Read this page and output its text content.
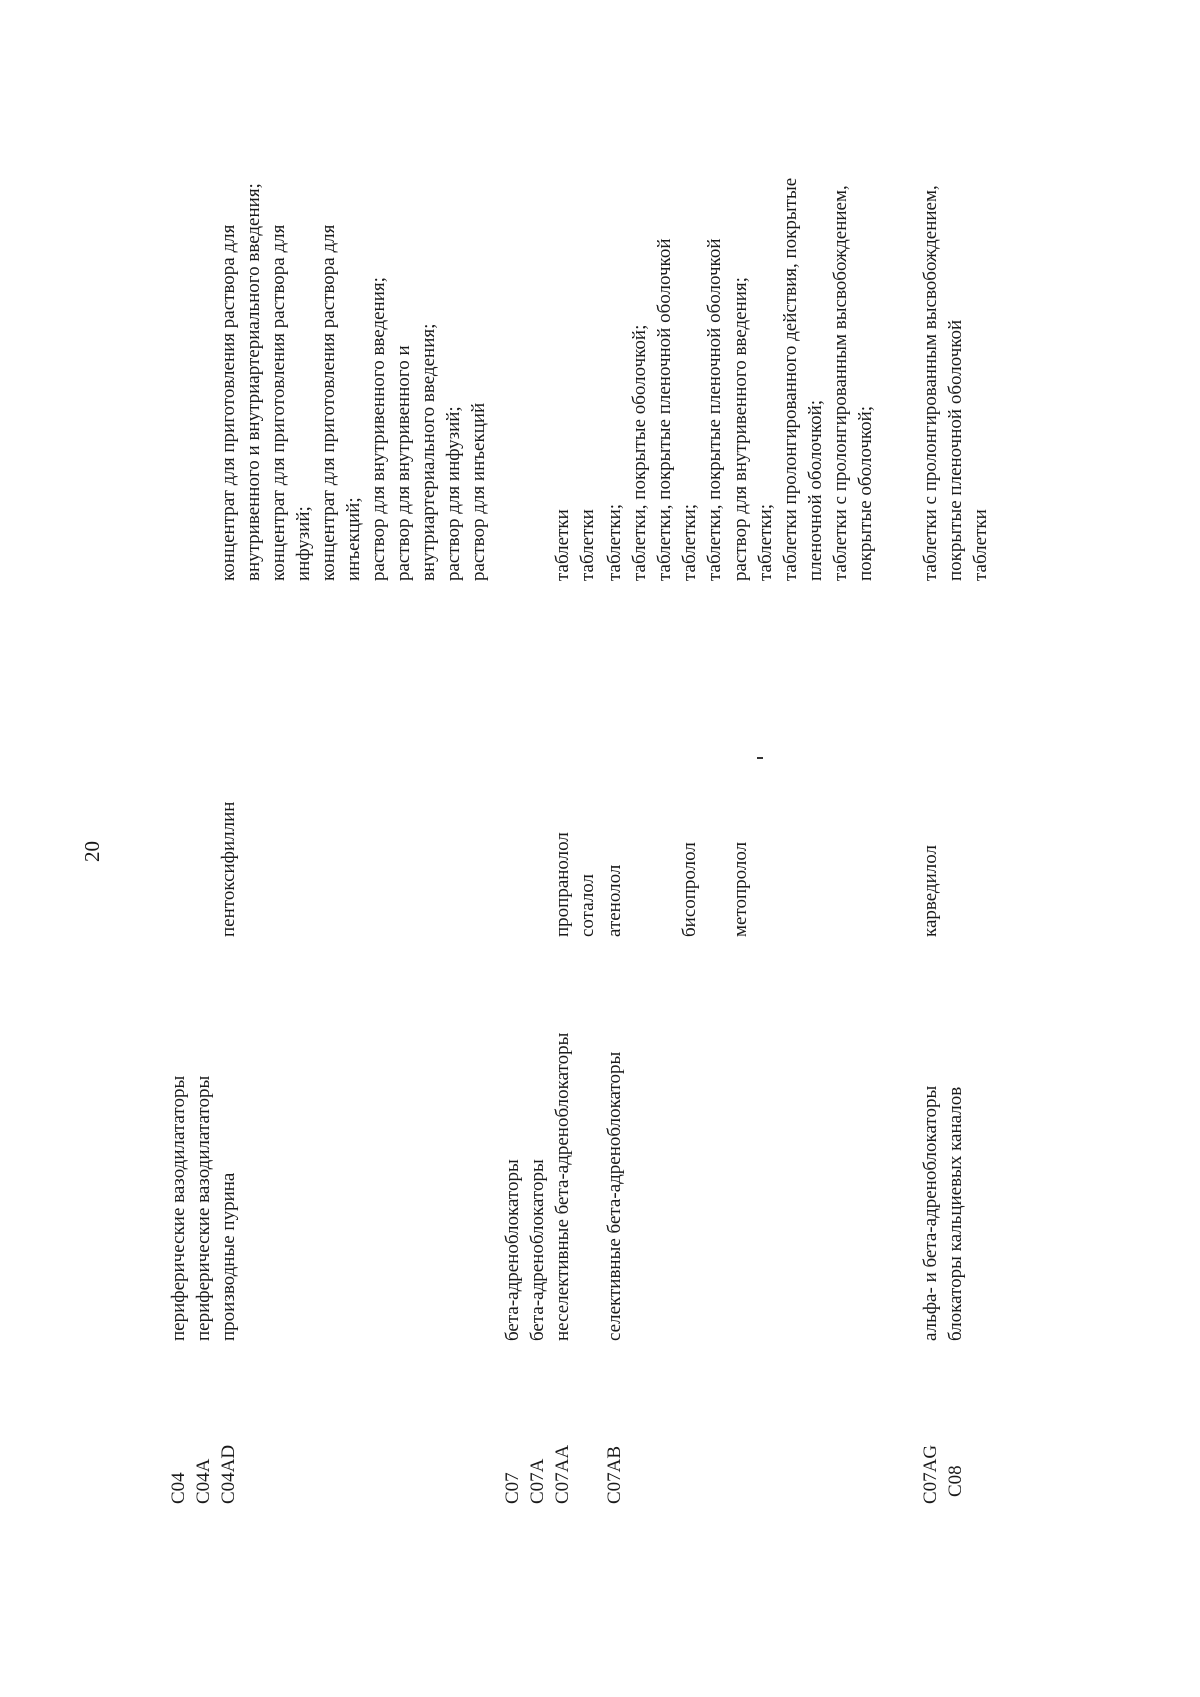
20

C04 C04A C04AD

периферические вазодилататоры периферические вазодилататоры производные пурина

пентоксифиллин

концентрат для приготовления раствора для внутривенного и внутриартериального введения; концентрат для приготовления раствора для инфузий; концентрат для приготовления раствора для инъекций; раствор для внутривенного введения; раствор для внутривенного и внутриартериального введения; раствор для инфузий; раствор для инъекций

C07 C07A C07AA

бета-адреноблокаторы бета-адреноблокаторы неселективные бета-адреноблокаторы

пропранолол соталол

таблетки таблетки

C07AB

селективные бета-адреноблокаторы

атенолол

таблетки; таблетки, покрытые оболочкой; таблетки, покрытые пленочной оболочкой

бисопролол

таблетки; таблетки, покрытые пленочной оболочкой

метопролол

раствор для внутривенного введения; таблетки; таблетки пролонгированного действия, покрытые пленочной оболочкой; таблетки с пролонгированным высвобождением, покрытые оболочкой;

C07AG C08

альфа- и бета-адреноблокаторы блокаторы кальциевых каналов

карведилол

таблетки с пролонгированным высвобождением, покрытые пленочной оболочкой таблетки
